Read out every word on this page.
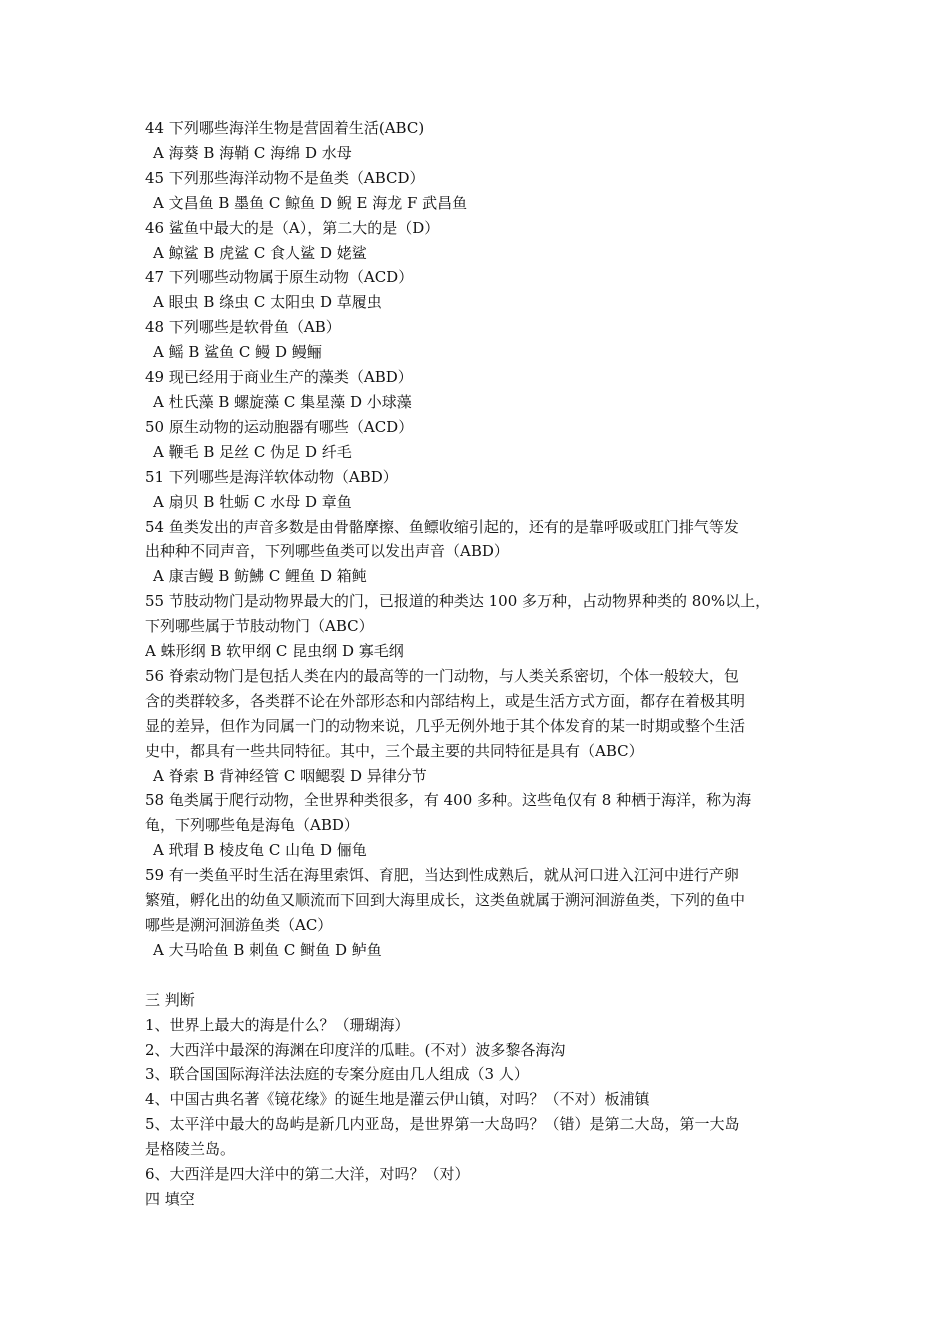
44 下列哪些海洋生物是营固着生活(ABC)
A 海葵 B 海鞘 C 海绵 D 水母
45 下列那些海洋动物不是鱼类（ABCD）
A 文昌鱼 B 墨鱼 C 鲸鱼 D 鲵 E 海龙 F 武昌鱼
46 鲨鱼中最大的是（A），第二大的是（D）
A 鲸鲨 B 虎鲨 C 食人鲨 D 姥鲨
47 下列哪些动物属于原生动物（ACD）
A 眼虫 B 绦虫 C 太阳虫 D 草履虫
48 下列哪些是软骨鱼（AB）
A 鳐 B 鲨鱼 C 鳗 D 鳗鲡
49 现已经用于商业生产的藻类（ABD）
A 杜氏藻 B 螺旋藻 C 集星藻 D 小球藻
50 原生动物的运动胞器有哪些（ACD）
A 鞭毛 B 足丝 C 伪足 D 纤毛
51 下列哪些是海洋软体动物（ABD）
A 扇贝 B 牡蛎 C 水母 D 章鱼
54 鱼类发出的声音多数是由骨骼摩擦、鱼鳔收缩引起的，还有的是靠呼吸或肛门排气等发
出种种不同声音，下列哪些鱼类可以发出声音（ABD）
A 康吉鳗 B 鲂鮄 C 鲤鱼 D 箱鲀
55 节肢动物门是动物界最大的门，已报道的种类达 100 多万种，占动物界种类的 80%以上，
下列哪些属于节肢动物门（ABC）
A 蛛形纲 B 软甲纲 C 昆虫纲 D 寡毛纲
56 脊索动物门是包括人类在内的最高等的一门动物，与人类关系密切，个体一般较大，包
含的类群较多，各类群不论在外部形态和内部结构上，或是生活方式方面，都存在着极其明
显的差异，但作为同属一门的动物来说，几乎无例外地于其个体发育的某一时期或整个生活
史中，都具有一些共同特征。其中，三个最主要的共同特征是具有（ABC）
A 脊索 B 背神经管 C 咽鳃裂 D 异律分节
58 龟类属于爬行动物，全世界种类很多，有 400 多种。这些龟仅有 8 种栖于海洋，称为海
龟，下列哪些龟是海龟（ABD）
A 玳瑁 B 棱皮龟 C 山龟 D 俪龟
59 有一类鱼平时生活在海里索饵、育肥，当达到性成熟后，就从河口进入江河中进行产卵
繁殖，孵化出的幼鱼又顺流而下回到大海里成长，这类鱼就属于溯河洄游鱼类，下列的鱼中
哪些是溯河洄游鱼类（AC）
A 大马哈鱼 B 刺鱼 C 鲥鱼 D 鲈鱼
三 判断
1、世界上最大的海是什么？（珊瑚海）
2、大西洋中最深的海渊在印度洋的瓜畦。(不对）波多黎各海沟
3、联合国国际海洋法法庭的专案分庭由几人组成（3 人）
4、中国古典名著《镜花缘》的诞生地是灌云伊山镇，对吗？（不对）板浦镇
5、太平洋中最大的岛屿是新几内亚岛，是世界第一大岛吗？（错）是第二大岛，第一大岛
是格陵兰岛。
6、大西洋是四大洋中的第二大洋，对吗？（对）
四 填空
